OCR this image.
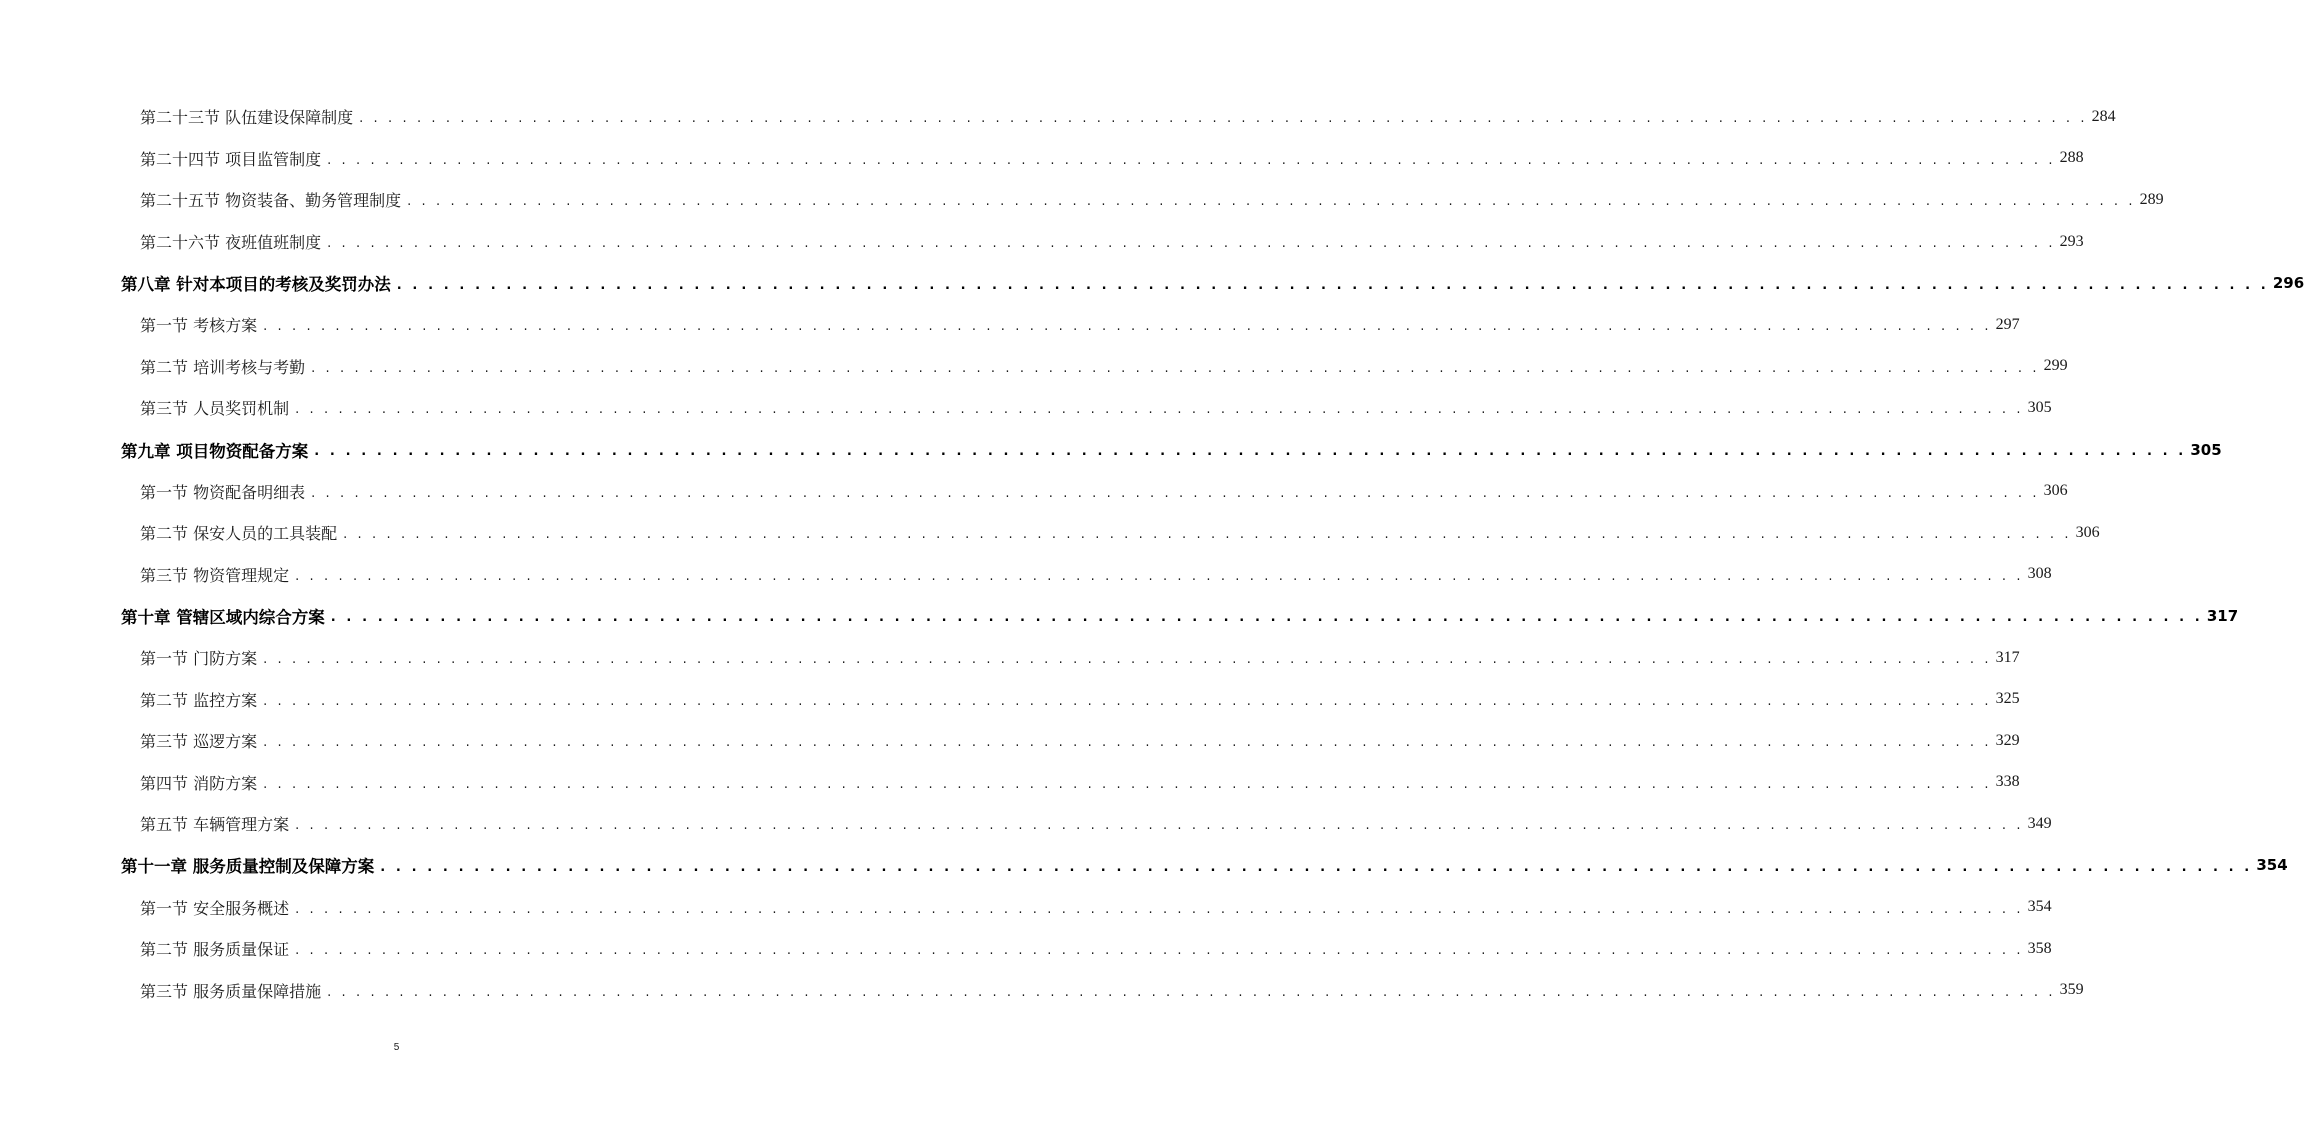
第二十三节 队伍建设保障制度 . . . . . . . . . . . . . . . . . . . . . . . . . . . . . . . . . . . . . . . . . . . . . . . . . . . . . . . . . . . . . . . . . . . . . . . . . . . . . . . . . . . . . . . . . . . . . . . . . . . . . . . . . . . . . . . . . . . . . . . . 284
第二十四节 项目监管制度 . . . . . . . . . . . . . . . . . . . . . . . . . . . . . . . . . . . . . . . . . . . . . . . . . . . . . . . . . . . . . . . . . . . . . . . . . . . . . . . . . . . . . . . . . . . . . . . . . . . . . . . . . . . . . . . . . . . . . . . . 288
第二十五节 物资装备、勤务管理制度 . . . . . . . . . . . . . . . . . . . . . . . . . . . . . . . . . . . . . . . . . . . . . . . . . . . . . . . . . . . . . . . . . . . . . . . . . . . . . . . . . . . . . . . . . . . . . . . . . . . . . . . . . . . . . . . . . . . . . . . . 289
第二十六节 夜班值班制度 . . . . . . . . . . . . . . . . . . . . . . . . . . . . . . . . . . . . . . . . . . . . . . . . . . . . . . . . . . . . . . . . . . . . . . . . . . . . . . . . . . . . . . . . . . . . . . . . . . . . . . . . . . . . . . . . . . . . . . . . 293
第八章 针对本项目的考核及奖罚办法 . . . . . . . . . . . . . . . . . . . . . . . . . . . . . . . . . . . . . . . . . . . . . . . . . . . . . . . . . . . . . . . . . . . . . . . . . . . . . . . . . . . . . . . . . . . . . . . . . . . . . . . . . . . . . . . . . . . . . . . . 296
第一节 考核方案 . . . . . . . . . . . . . . . . . . . . . . . . . . . . . . . . . . . . . . . . . . . . . . . . . . . . . . . . . . . . . . . . . . . . . . . . . . . . . . . . . . . . . . . . . . . . . . . . . . . . . . . . . . . . . . . . . . . . . . . . 297
第二节 培训考核与考勤 . . . . . . . . . . . . . . . . . . . . . . . . . . . . . . . . . . . . . . . . . . . . . . . . . . . . . . . . . . . . . . . . . . . . . . . . . . . . . . . . . . . . . . . . . . . . . . . . . . . . . . . . . . . . . . . . . . . . . . . . 299
第三节 人员奖罚机制 . . . . . . . . . . . . . . . . . . . . . . . . . . . . . . . . . . . . . . . . . . . . . . . . . . . . . . . . . . . . . . . . . . . . . . . . . . . . . . . . . . . . . . . . . . . . . . . . . . . . . . . . . . . . . . . . . . . . . . . . 305
第九章 项目物资配备方案 . . . . . . . . . . . . . . . . . . . . . . . . . . . . . . . . . . . . . . . . . . . . . . . . . . . . . . . . . . . . . . . . . . . . . . . . . . . . . . . . . . . . . . . . . . . . . . . . . . . . . . . . . . . . . . . . . . . . . . . . 305
第一节 物资配备明细表 . . . . . . . . . . . . . . . . . . . . . . . . . . . . . . . . . . . . . . . . . . . . . . . . . . . . . . . . . . . . . . . . . . . . . . . . . . . . . . . . . . . . . . . . . . . . . . . . . . . . . . . . . . . . . . . . . . . . . . . . 306
第二节 保安人员的工具装配 . . . . . . . . . . . . . . . . . . . . . . . . . . . . . . . . . . . . . . . . . . . . . . . . . . . . . . . . . . . . . . . . . . . . . . . . . . . . . . . . . . . . . . . . . . . . . . . . . . . . . . . . . . . . . . . . . . . . . . . . 306
第三节 物资管理规定 . . . . . . . . . . . . . . . . . . . . . . . . . . . . . . . . . . . . . . . . . . . . . . . . . . . . . . . . . . . . . . . . . . . . . . . . . . . . . . . . . . . . . . . . . . . . . . . . . . . . . . . . . . . . . . . . . . . . . . . . 308
第十章 管辖区域内综合方案 . . . . . . . . . . . . . . . . . . . . . . . . . . . . . . . . . . . . . . . . . . . . . . . . . . . . . . . . . . . . . . . . . . . . . . . . . . . . . . . . . . . . . . . . . . . . . . . . . . . . . . . . . . . . . . . . . . . . . . . . 317
第一节 门防方案 . . . . . . . . . . . . . . . . . . . . . . . . . . . . . . . . . . . . . . . . . . . . . . . . . . . . . . . . . . . . . . . . . . . . . . . . . . . . . . . . . . . . . . . . . . . . . . . . . . . . . . . . . . . . . . . . . . . . . . . . 317
第二节 监控方案 . . . . . . . . . . . . . . . . . . . . . . . . . . . . . . . . . . . . . . . . . . . . . . . . . . . . . . . . . . . . . . . . . . . . . . . . . . . . . . . . . . . . . . . . . . . . . . . . . . . . . . . . . . . . . . . . . . . . . . . . 325
第三节 巡逻方案 . . . . . . . . . . . . . . . . . . . . . . . . . . . . . . . . . . . . . . . . . . . . . . . . . . . . . . . . . . . . . . . . . . . . . . . . . . . . . . . . . . . . . . . . . . . . . . . . . . . . . . . . . . . . . . . . . . . . . . . . 329
第四节 消防方案 . . . . . . . . . . . . . . . . . . . . . . . . . . . . . . . . . . . . . . . . . . . . . . . . . . . . . . . . . . . . . . . . . . . . . . . . . . . . . . . . . . . . . . . . . . . . . . . . . . . . . . . . . . . . . . . . . . . . . . . . 338
第五节 车辆管理方案 . . . . . . . . . . . . . . . . . . . . . . . . . . . . . . . . . . . . . . . . . . . . . . . . . . . . . . . . . . . . . . . . . . . . . . . . . . . . . . . . . . . . . . . . . . . . . . . . . . . . . . . . . . . . . . . . . . . . . . . . 349
第十一章 服务质量控制及保障方案 . . . . . . . . . . . . . . . . . . . . . . . . . . . . . . . . . . . . . . . . . . . . . . . . . . . . . . . . . . . . . . . . . . . . . . . . . . . . . . . . . . . . . . . . . . . . . . . . . . . . . . . . . . . . . . . . . . . . . . . . 354
第一节 安全服务概述 . . . . . . . . . . . . . . . . . . . . . . . . . . . . . . . . . . . . . . . . . . . . . . . . . . . . . . . . . . . . . . . . . . . . . . . . . . . . . . . . . . . . . . . . . . . . . . . . . . . . . . . . . . . . . . . . . . . . . . . . 354
第二节 服务质量保证 . . . . . . . . . . . . . . . . . . . . . . . . . . . . . . . . . . . . . . . . . . . . . . . . . . . . . . . . . . . . . . . . . . . . . . . . . . . . . . . . . . . . . . . . . . . . . . . . . . . . . . . . . . . . . . . . . . . . . . . . 358
第三节 服务质量保障措施 . . . . . . . . . . . . . . . . . . . . . . . . . . . . . . . . . . . . . . . . . . . . . . . . . . . . . . . . . . . . . . . . . . . . . . . . . . . . . . . . . . . . . . . . . . . . . . . . . . . . . . . . . . . . . . . . . . . . . . . . 359
5
